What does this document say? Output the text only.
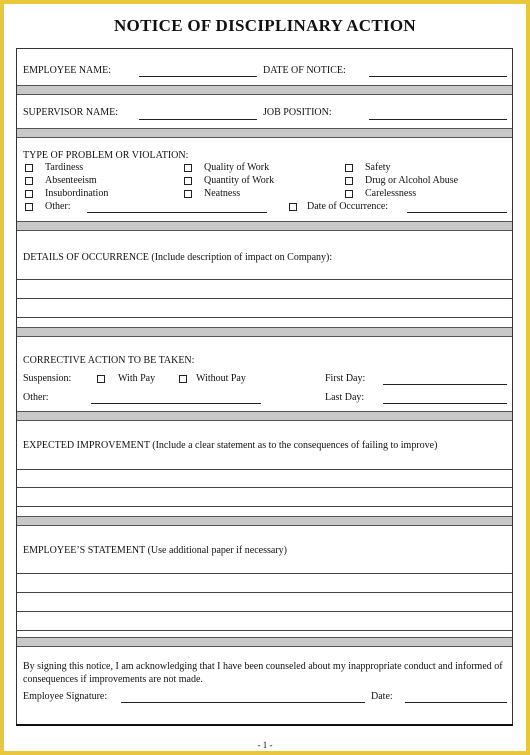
NOTICE OF DISCIPLINARY ACTION
EMPLOYEE NAME:	DATE OF NOTICE:
SUPERVISOR NAME:	JOB POSITION:
TYPE OF PROBLEM OR VIOLATION:
Tardiness
Absenteeism
Insubordination
Other:
Quality of Work
Quantity of Work
Neatness
Safety
Drug or Alcohol Abuse
Carelessness
Date of Occurrence:
DETAILS OF OCCURRENCE (Include description of impact on Company):
CORRECTIVE ACTION TO BE TAKEN:
Suspension:	With Pay	Without Pay	First Day:
Other:	Last Day:
EXPECTED IMPROVEMENT (Include a clear statement as to the consequences of failing to improve)
EMPLOYEE’S STATEMENT (Use additional paper if necessary)
By signing this notice, I am acknowledging that I have been counseled about my inappropriate conduct and informed of consequences if improvements are not made.
Employee Signature:	Date:
- 1 -
